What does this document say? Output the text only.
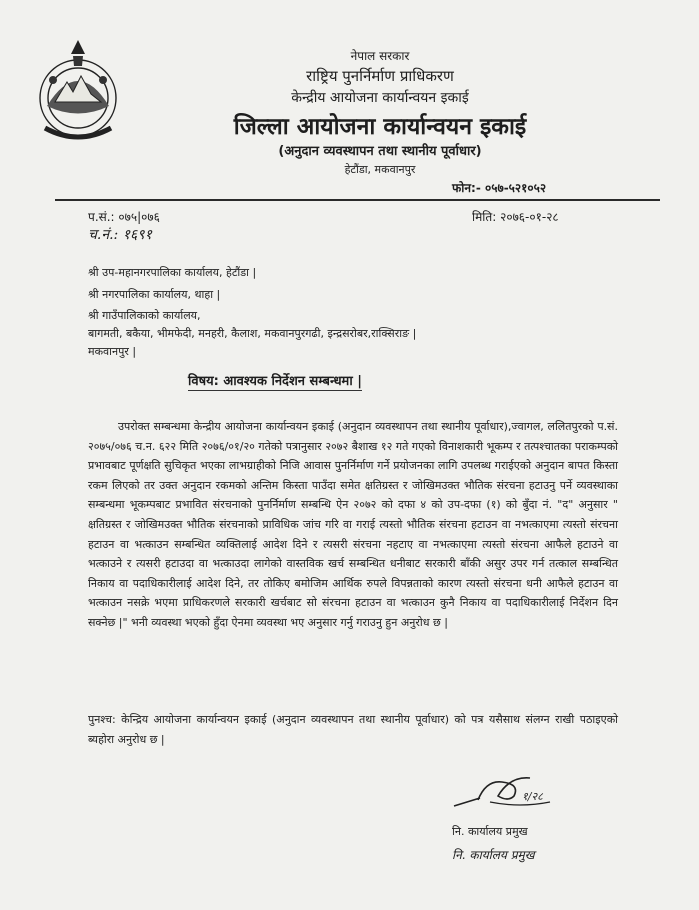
नेपाल सरकार
राष्ट्रिय पुनर्निर्माण प्राधिकरण
केन्द्रीय आयोजना कार्यान्वयन इकाई
जिल्ला आयोजना कार्यान्वयन इकाई
(अनुदान व्यवस्थापन तथा स्थानीय पूर्वाधार)
हेटौंडा, मकवानपुर
फोन:- ०५७-५२१०५२
प.सं.: ०७५|०७६
च.नं.: १६९१
मिति: २०७६-०१-२८
श्री उप-महानगरपालिका कार्यालय, हेटौंडा |
श्री नगरपालिका कार्यालय, थाहा |
श्री गाउँपालिकाको कार्यालय,
बागमती, बकैया, भीमफेदी, मनहरी, कैलाश, मकवानपुरगढी, इन्द्रसरोबर,राक्सिराङ |
मकवानपुर |
विषय: आवश्यक निर्देशन सम्बन्धमा |
उपरोक्त सम्बन्धमा केन्द्रीय आयोजना कार्यान्वयन इकाई (अनुदान व्यवस्थापन तथा स्थानीय पूर्वाधार),ज्वागल, ललितपुरको प.सं. २०७५/०७६ च.न. ६२२ मिति २०७६/०१/२० गतेको पत्रानुसार २०७२ बैशाख १२ गते गएको विनाशकारी भूकम्प र तत्पश्चातका पराकम्पको प्रभावबाट पूर्णक्षति सुचिकृत भएका लाभग्राहीको निजि आवास पुनर्निर्माण गर्ने प्रयोजनका लागि उपलब्ध गराईएको अनुदान बापत किस्ता रकम लिएको तर उक्त अनुदान रकमको अन्तिम किस्ता पाउँदा समेत क्षतिग्रस्त र जोखिमउक्त भौतिक संरचना हटाउनु पर्ने व्यवस्थाका सम्बन्धमा भूकम्पबाट प्रभावित संरचनाको पुनर्निर्माण सम्बन्धि ऐन २०७२ को दफा ४ को उप-दफा (१) को बुँदा नं. "द" अनुसार " क्षतिग्रस्त र जोखिमउक्त भौतिक संरचनाको प्राविधिक जांच गरि वा गराई त्यस्तो भौतिक संरचना हटाउन वा नभत्काएमा त्यस्तो संरचना हटाउन वा भत्काउन सम्बन्धित व्यक्तिलाई आदेश दिने र त्यसरी संरचना नहटाए वा नभत्काएमा त्यस्तो संरचना आफैले हटाउने वा भत्काउने र त्यसरी हटाउदा वा भत्काउदा लागेको वास्तविक खर्च सम्बन्धित धनीबाट सरकारी बाँकी असुर उपर गर्न तत्काल सम्बन्धित निकाय वा पदाधिकारीलाई आदेश दिने, तर तोकिए बमोजिम आर्थिक रुपले विपन्नताको कारण त्यस्तो संरचना धनी आफैले हटाउन वा भत्काउन नसक्रे भएमा प्राधिकरणले सरकारी खर्चबाट सो संरचना हटाउन वा भत्काउन कुनै निकाय वा पदाधिकारीलाई निर्देशन दिन सक्नेछ |" भनी व्यवस्था भएको हुँदा ऐनमा व्यवस्था भए अनुसार गर्नु गराउनु हुन अनुरोध छ |
पुनश्च: केन्द्रिय आयोजना कार्यान्वयन इकाई (अनुदान व्यवस्थापन तथा स्थानीय पूर्वाधार) को पत्र यसैसाथ संलग्न राखी पठाइएको ब्यहोरा अनुरोध छ |
१/२८
नि. कार्यालय प्रमुख
नि. कार्यालय प्रमुख
